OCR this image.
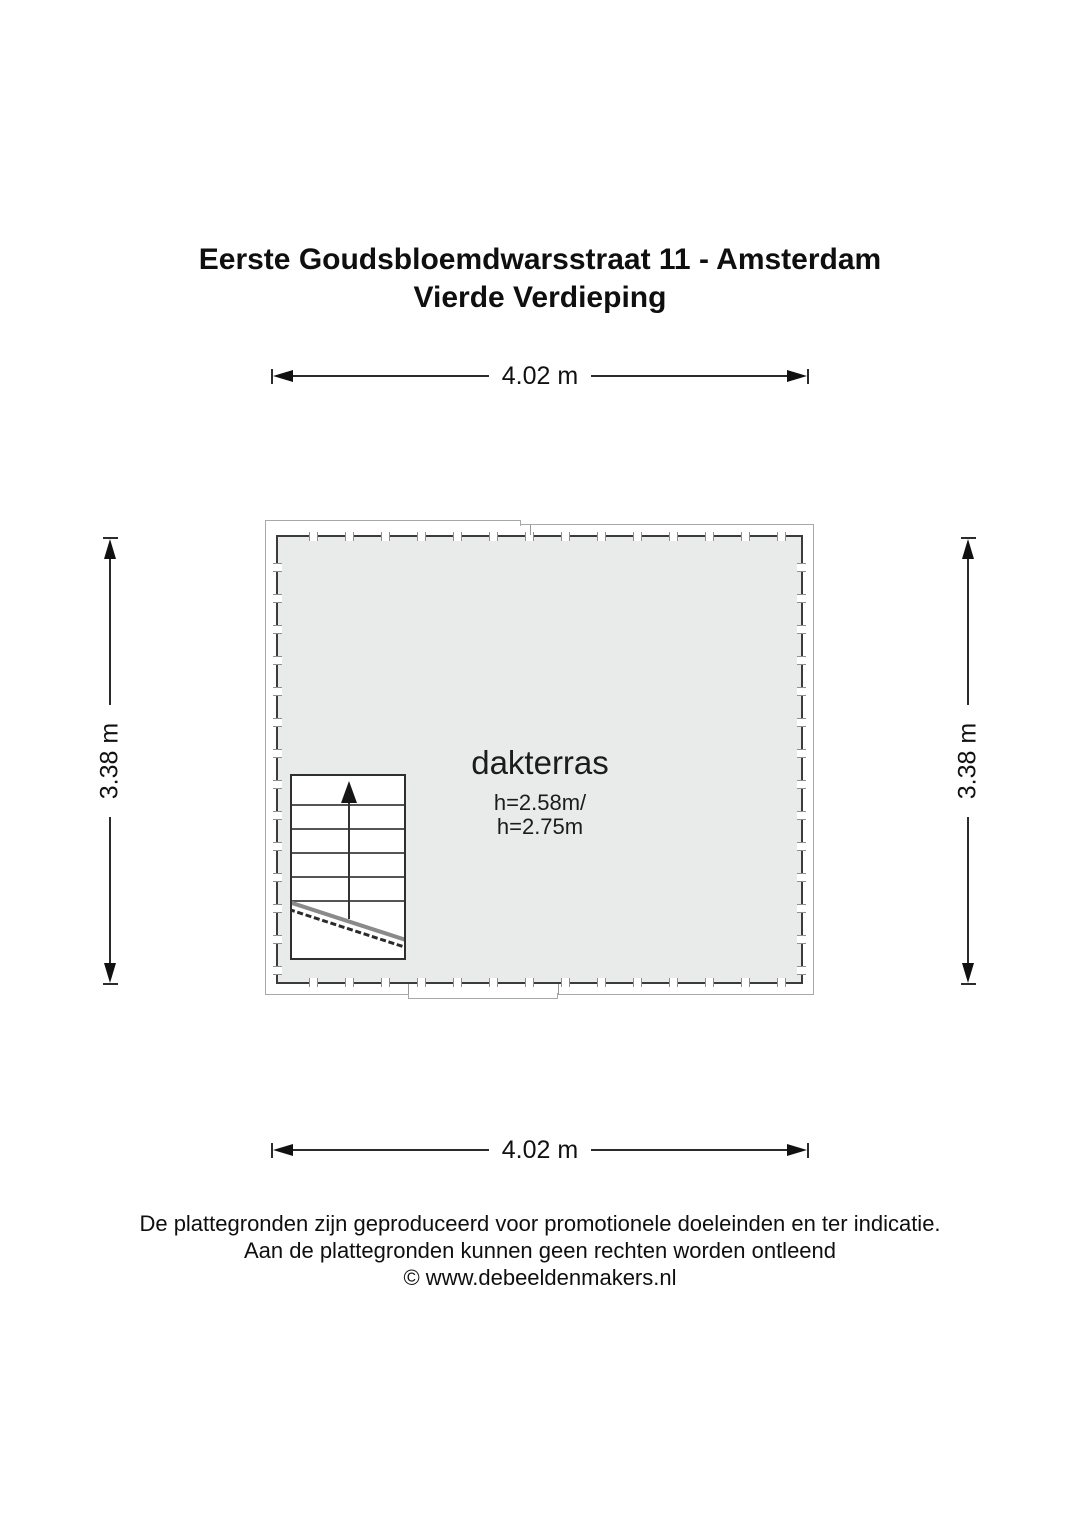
Eerste Goudsbloemdwarsstraat 11 - Amsterdam
Vierde Verdieping
4.02 m
3.38 m	3.38 m
dakterras
h=2.58m/
h=2.75m
4.02 m
De plattegronden zijn geproduceerd voor promotionele doeleinden en ter indicatie.
Aan de plattegronden kunnen geen rechten worden ontleend
© www.debeeldenmakers.nl
